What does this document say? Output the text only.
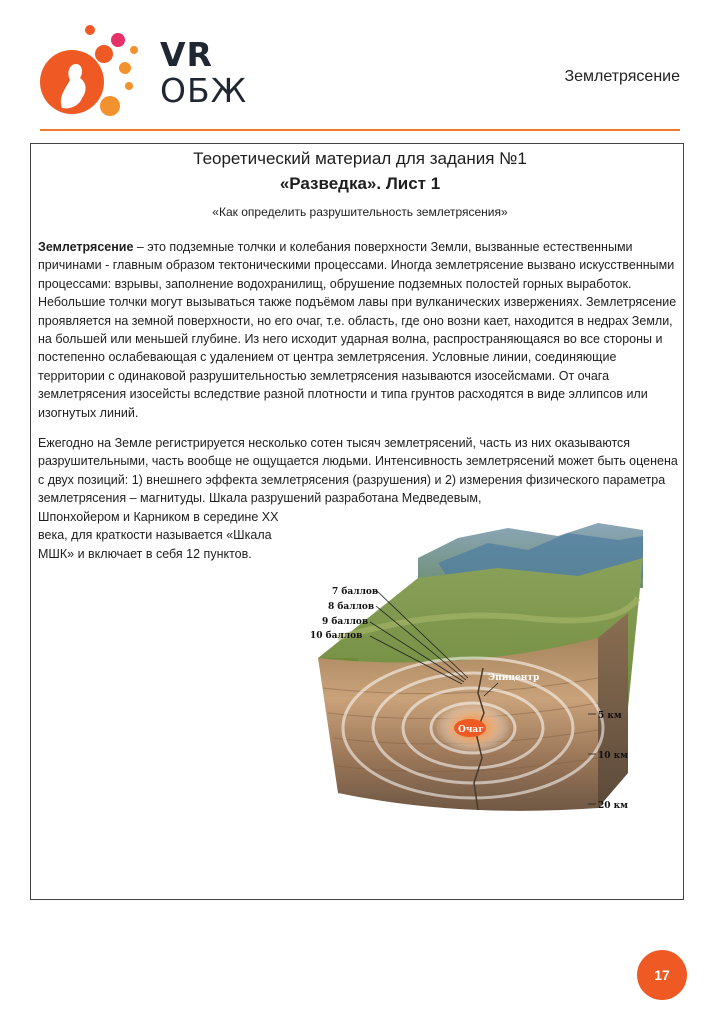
VR
ОБЖ	Землетрясение
Теоретический материал для задания №1
«Разведка». Лист 1
«Как определить разрушительность землетрясения»

Землетрясение – это подземные толчки и колебания поверхности Земли, вызванные естественными причинами - главным образом тектоническими процессами. Иногда землетрясение вызвано искусственными процессами: взрывы, заполнение водохранилищ, обрушение подземных полостей горных выработок. Небольшие толчки могут вызываться также подъёмом лавы при вулканических извержениях. Землетрясение проявляется на земной поверхности, но его очаг, т.е. область, где оно возни кает, находится в недрах Земли, на большей или меньшей глубине. Из него исходит ударная волна, распространяющаяся во все стороны и постепенно ослабевающая с удалением от центра землетрясения. Условные линии, соединяющие территории с одинаковой разрушительностью землетрясения называются изосейсмами. От очага землетрясения изосейсты вследствие разной плотности и типа грунтов расходятся в виде эллипсов или изогнутых линий.

Ежегодно на Земле регистрируется несколько сотен тысяч землетрясений, часть из них оказываются разрушительными, часть вообще не ощущается людьми. Интенсивность землетрясений может быть оценена с двух позиций: 1) внешнего эффекта землетрясения (разрушения) и 2) измерения физического параметра землетрясения – магнитуды. Шкала разрушений разработана Медведевым,

Шпонхойером и Карником в середине XX века, для краткости называется «Шкала МШК» и включает в себя 12 пунктов.

Очаг
7 баллов
8 баллов
9 баллов
10 баллов
Эпицентр
5 км
10 км
20 км
17
